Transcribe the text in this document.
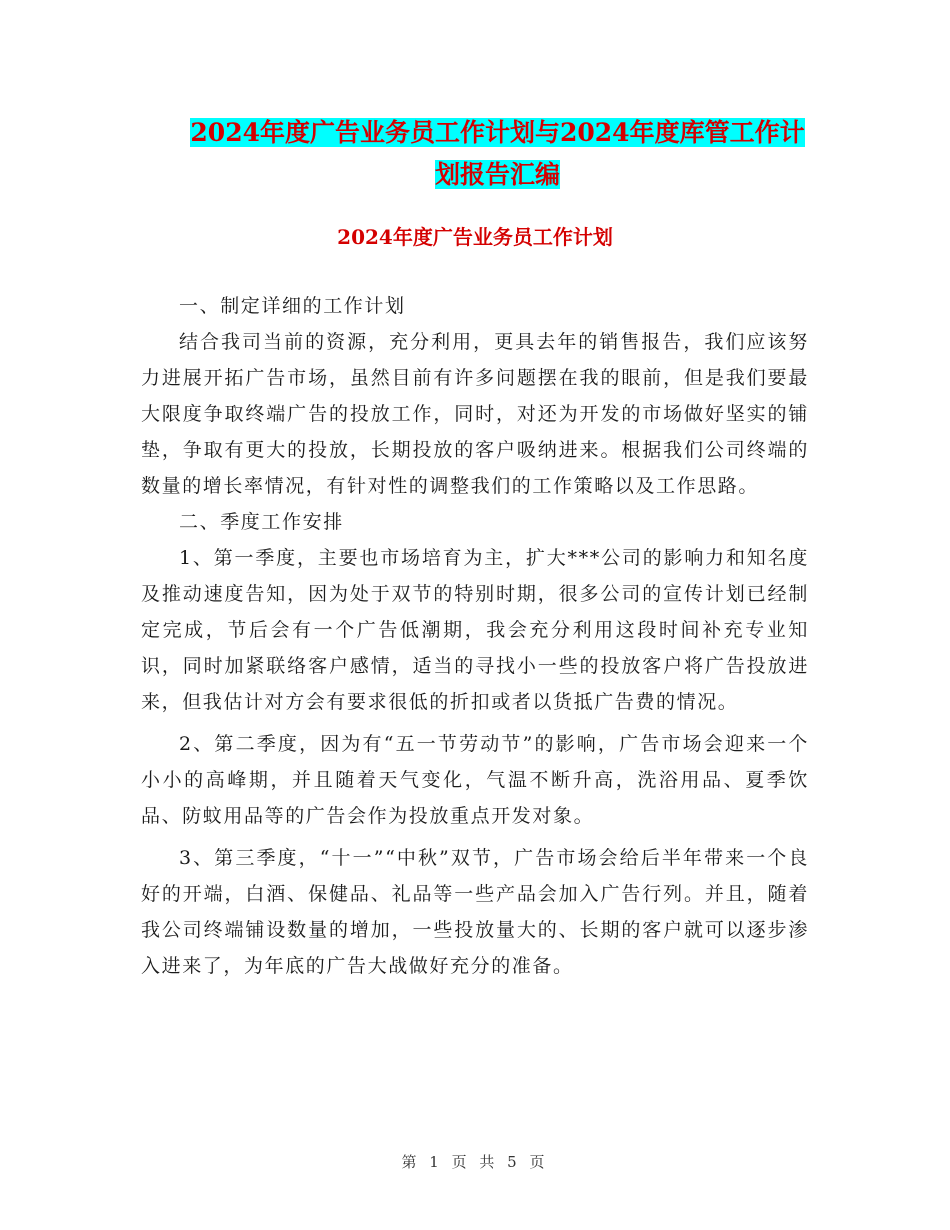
2024年度广告业务员工作计划与2024年度库管工作计
划报告汇编
2024年度广告业务员工作计划

一、制定详细的工作计划

结合我司当前的资源，充分利用，更具去年的销售报告，我们应该努力进展开拓广告市场，虽然目前有许多问题摆在我的眼前，但是我们要最大限度争取终端广告的投放工作，同时，对还为开发的市场做好坚实的铺垫，争取有更大的投放，长期投放的客户吸纳进来。根据我们公司终端的数量的增长率情况，有针对性的调整我们的工作策略以及工作思路。

二、季度工作安排

1、第一季度，主要也市场培育为主，扩大***公司的影响力和知名度及推动速度告知，因为处于双节的特别时期，很多公司的宣传计划已经制定完成，节后会有一个广告低潮期，我会充分利用这段时间补充专业知识，同时加紧联络客户感情，适当的寻找小一些的投放客户将广告投放进来，但我估计对方会有要求很低的折扣或者以货抵广告费的情况。

2、第二季度，因为有“五一节劳动节”的影响，广告市场会迎来一个小小的高峰期，并且随着天气变化，气温不断升高，洗浴用品、夏季饮品、防蚊用品等的广告会作为投放重点开发对象。

3、第三季度，“十一”“中秋”双节，广告市场会给后半年带来一个良好的开端，白酒、保健品、礼品等一些产品会加入广告行列。并且，随着我公司终端铺设数量的增加，一些投放量大的、长期的客户就可以逐步渗入进来了，为年底的广告大战做好充分的准备。

第 1 页 共 5 页
